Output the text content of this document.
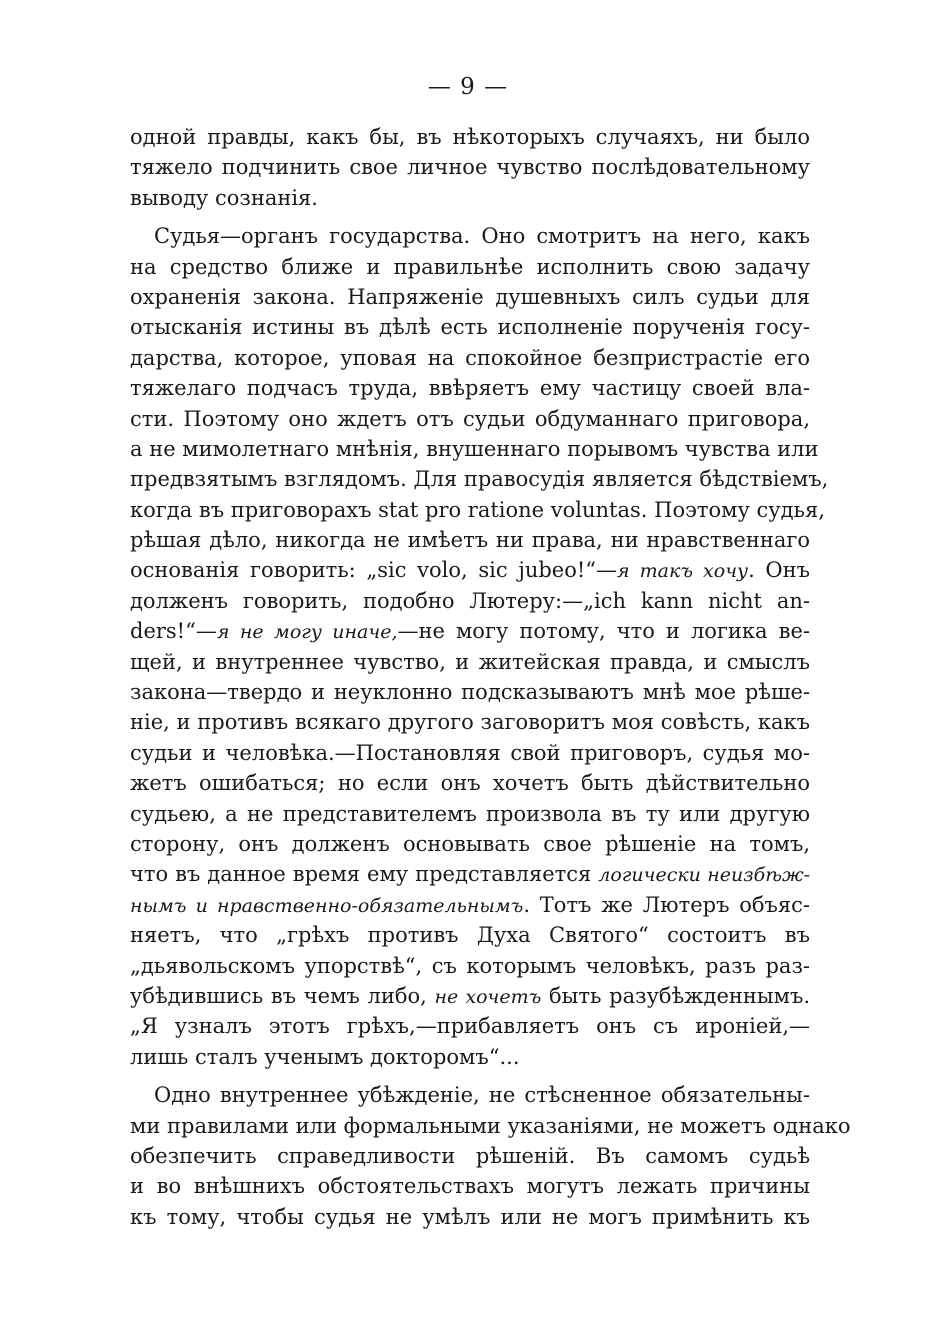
— 9 —
одной правды, какъ бы, въ нѣкоторыхъ случаяхъ, ни было
тяжело подчинить свое личное чувство послѣдовательному
выводу сознанія.
Судья—органъ государства. Оно смотритъ на него, какъ
на средство ближе и правильнѣе исполнить свою задачу
охраненія закона. Напряженіе душевныхъ силъ судьи для
отысканія истины въ дѣлѣ есть исполненіе порученія госу-
дарства, которое, уповая на спокойное безпристрастіе его
тяжелаго подчасъ труда, ввѣряетъ ему частицу своей вла-
сти. Поэтому оно ждетъ отъ судьи обдуманнаго приговора,
а не мимолетнаго мнѣнія, внушеннаго порывомъ чувства или
предвзятымъ взглядомъ. Для правосудія является бѣдствіемъ,
когда въ приговорахъ stat pro ratione voluntas. Поэтому судья,
рѣшая дѣло, никогда не имѣетъ ни права, ни нравственнаго
основанія говорить: „sic volo, sic jubeo!“—я такъ хочу. Онъ
долженъ говорить, подобно Лютеру:—„ich kann nicht an-
ders!“—я не могу иначе,—не могу потому, что и логика ве-
щей, и внутреннее чувство, и житейская правда, и смыслъ
закона—твердо и неуклонно подсказываютъ мнѣ мое рѣше-
ніе, и противъ всякаго другого заговоритъ моя совѣсть, какъ
судьи и человѣка.—Постановляя свой приговоръ, судья мо-
жетъ ошибаться; но если онъ хочетъ быть дѣйствительно
судьею, а не представителемъ произвола въ ту или другую
сторону, онъ долженъ основывать свое рѣшеніе на томъ,
что въ данное время ему представляется логически неизбѣж-
нымъ и нравственно-обязательнымъ. Тотъ же Лютеръ объяс-
няетъ, что „грѣхъ противъ Духа Святого“ состоитъ въ
„дьявольскомъ упорствѣ“, съ которымъ человѣкъ, разъ раз-
убѣдившись въ чемъ либо, не хочетъ быть разубѣжденнымъ.
„Я узналъ этотъ грѣхъ,—прибавляетъ онъ съ ироніей,—
лишь сталъ ученымъ докторомъ“...
Одно внутреннее убѣжденіе, не стѣсненное обязательны-
ми правилами или формальными указаніями, не можетъ однако
обезпечить справедливости рѣшеній. Въ самомъ судьѣ
и во внѣшнихъ обстоятельствахъ могутъ лежать причины
къ тому, чтобы судья не умѣлъ или не могъ примѣнить къ
